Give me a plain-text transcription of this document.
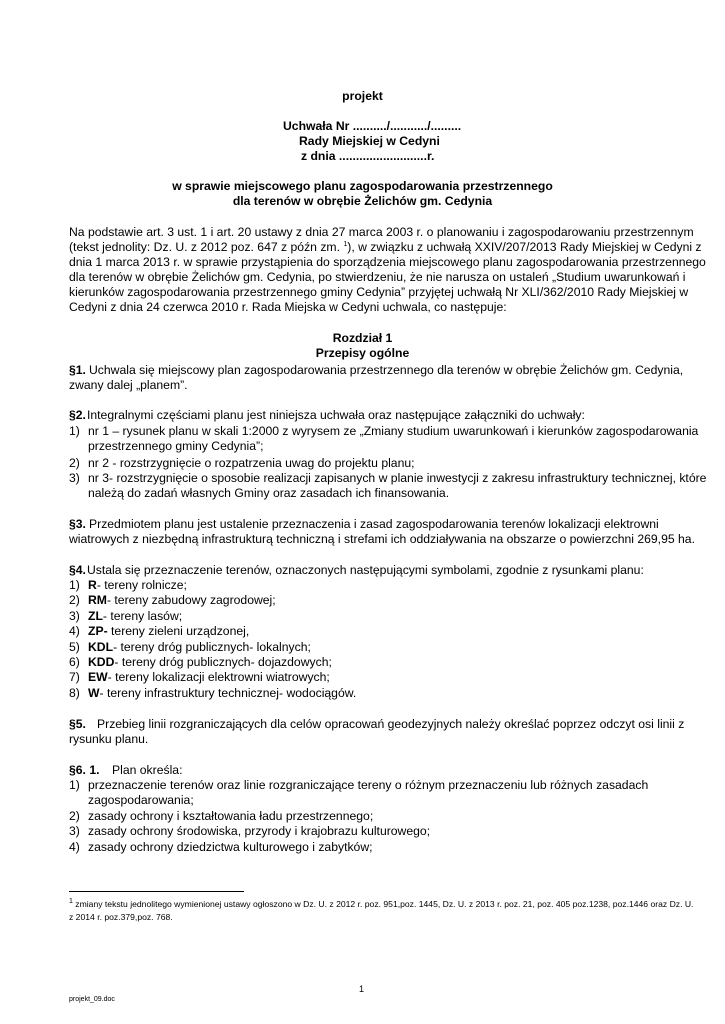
projekt
Uchwała Nr ........../.........../.........
Rady Miejskiej w Cedyni
z dnia ..........................r.
w sprawie miejscowego planu zagospodarowania przestrzennego
dla terenów w obrębie Żelichów gm. Cedynia
Na podstawie art. 3 ust. 1 i art. 20 ustawy z dnia 27 marca 2003 r. o planowaniu i zagospodarowaniu przestrzennym
(tekst jednolity: Dz. U. z 2012 poz. 647 z późn zm. $^1$), w związku z uchwałą XXIV/207/2013 Rady Miejskiej w Cedyni z
dnia 1 marca 2013 r. w sprawie przystąpienia do sporządzenia miejscowego planu zagospodarowania przestrzennego
dla terenów w obrębie Żelichów gm. Cedynia, po stwierdzeniu, że nie narusza on ustaleń „Studium uwarunkowań i
kierunków zagospodarowania przestrzennego gminy Cedynia” przyjętej uchwałą Nr XLI/362/2010 Rady Miejskiej w
Cedyni z dnia 24 czerwca 2010 r. Rada Miejska w Cedyni uchwala, co następuje:
Rozdział 1
Przepisy ogólne
§1. Uchwala się miejscowy plan zagospodarowania przestrzennego dla terenów w obrębie Żelichów gm. Cedynia,
zwany dalej „planem”.
§2. Integralnymi częściami planu jest niniejsza uchwała oraz następujące załączniki do uchwały:
1) nr 1 – rysunek planu w skali 1:2000 z wyrysem ze „Zmiany studium uwarunkowań i kierunków zagospodarowania
przestrzennego gminy Cedynia”;
2) nr 2 - rozstrzygnięcie o rozpatrzenia uwag do projektu planu;
3) nr 3- rozstrzygnięcie o sposobie realizacji zapisanych w planie inwestycji z zakresu infrastruktury technicznej, które
należą do zadań własnych Gminy oraz zasadach ich finansowania.
§3. Przedmiotem planu jest ustalenie przeznaczenia i zasad zagospodarowania terenów lokalizacji elektrowni
wiatrowych z niezbędną infrastrukturą techniczną i strefami ich oddziaływania na obszarze o powierzchni 269,95 ha.
§4. Ustala się przeznaczenie terenów, oznaczonych następującymi symbolami, zgodnie z rysunkami planu:
1) R- tereny rolnicze;
2) RM- tereny zabudowy zagrodowej;
3) ZL- tereny lasów;
4) ZP- tereny zieleni urządzonej,
5) KDL- tereny dróg publicznych- lokalnych;
6) KDD- tereny dróg publicznych- dojazdowych;
7) EW- tereny lokalizacji elektrowni wiatrowych;
8) W- tereny infrastruktury technicznej- wodociągów.
§5. Przebieg linii rozgraniczających dla celów opracowań geodezyjnych należy określać poprzez odczyt osi linii z
rysunku planu.
§6. 1. Plan określa:
1) przeznaczenie terenów oraz linie rozgraniczające tereny o różnym przeznaczeniu lub różnych zasadach
zagospodarowania;
2) zasady ochrony i kształtowania ładu przestrzennego;
3) zasady ochrony środowiska, przyrody i krajobrazu kulturowego;
4) zasady ochrony dziedzictwa kulturowego i zabytków;
$^1$ zmiany tekstu jednolitego wymienionej ustawy ogłoszono w Dz. U. z 2012 r. poz. 951,poz. 1445, Dz. U. z 2013 r. poz. 21, poz. 405 poz.1238, poz.1446 oraz Dz. U.
z 2014 r. poz.379,poz. 768.
1
projekt_09.doc
